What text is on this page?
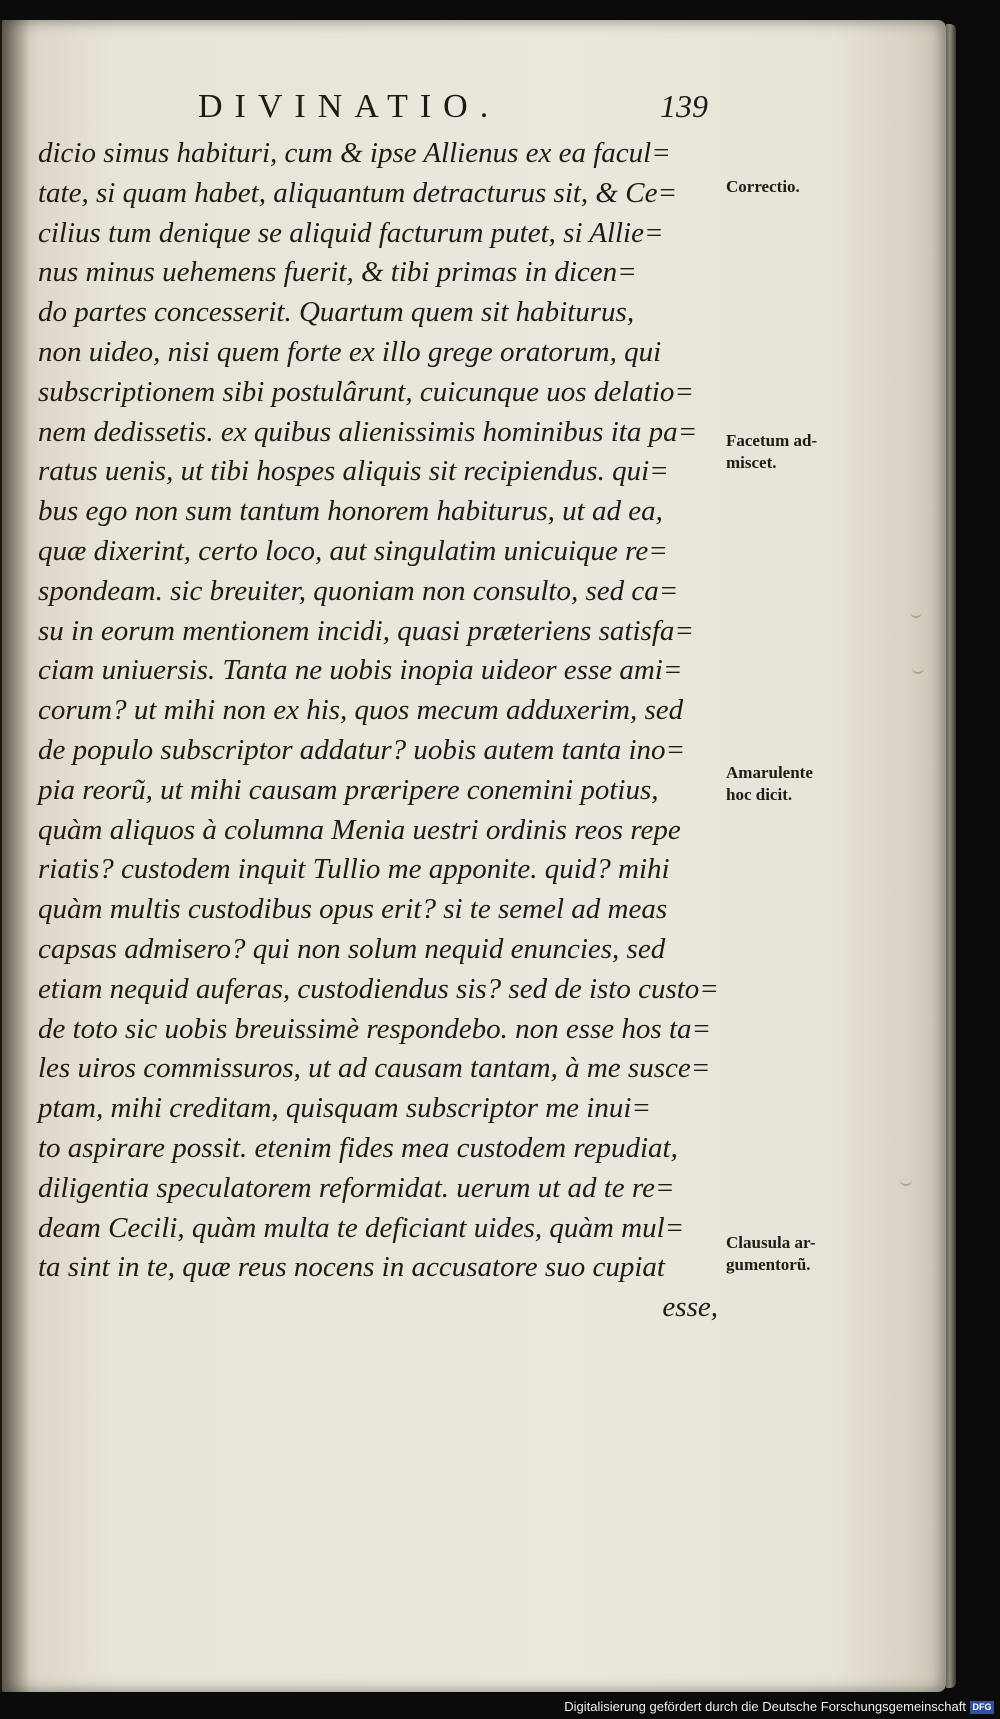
DIVINATIO.	139
dicio simus habituri, cum & ipse Allienus ex ea facul=
tate, si quam habet, aliquantum detracturus sit, & Ce=
cilius tum denique se aliquid facturum putet, si Allie=
nus minus uehemens fuerit, & tibi primas in dicen=
do partes concesserit. Quartum quem sit habiturus,
non uideo, nisi quem forte ex illo grege oratorum, qui
subscriptionem sibi postulârunt, cuicunque uos delatio=
nem dedissetis. ex quibus alienissimis hominibus ita pa=
ratus uenis, ut tibi hospes aliquis sit recipiendus. qui=
bus ego non sum tantum honorem habiturus, ut ad ea,
quæ dixerint, certo loco, aut singulatim unicuique re=
spondeam. sic breuiter, quoniam non consulto, sed ca=
su in eorum mentionem incidi, quasi præteriens satisfa=
ciam uniuersis. Tanta ne uobis inopia uideor esse ami=
corum? ut mihi non ex his, quos mecum adduxerim, sed
de populo subscriptor addatur? uobis autem tanta ino=
pia reorũ, ut mihi causam præripere conemini potius,
quàm aliquos à columna Menia uestri ordinis reos repe
riatis? custodem inquit Tullio me apponite. quid? mihi
quàm multis custodibus opus erit? si te semel ad meas
capsas admisero? qui non solum nequid enuncies, sed
etiam nequid auferas, custodiendus sis? sed de isto custo=
de toto sic uobis breuissimè respondebo. non esse hos ta=
les uiros commissuros, ut ad causam tantam, à me susce=
ptam, mihi creditam, quisquam subscriptor me inui=
to aspirare possit. etenim fides mea custodem repudiat,
diligentia speculatorem reformidat. uerum ut ad te re=
deam Cecili, quàm multa te deficiant uides, quàm mul=
ta sint in te, quæ reus nocens in accusatore suo cupiat
esse,
Correctio.
Facetum ad-
miscet.
Amarulente
hoc dicit.
Clausula ar-
gumentorũ.
Digitalisierung gefördert durch die Deutsche Forschungsgemeinschaft DFG
